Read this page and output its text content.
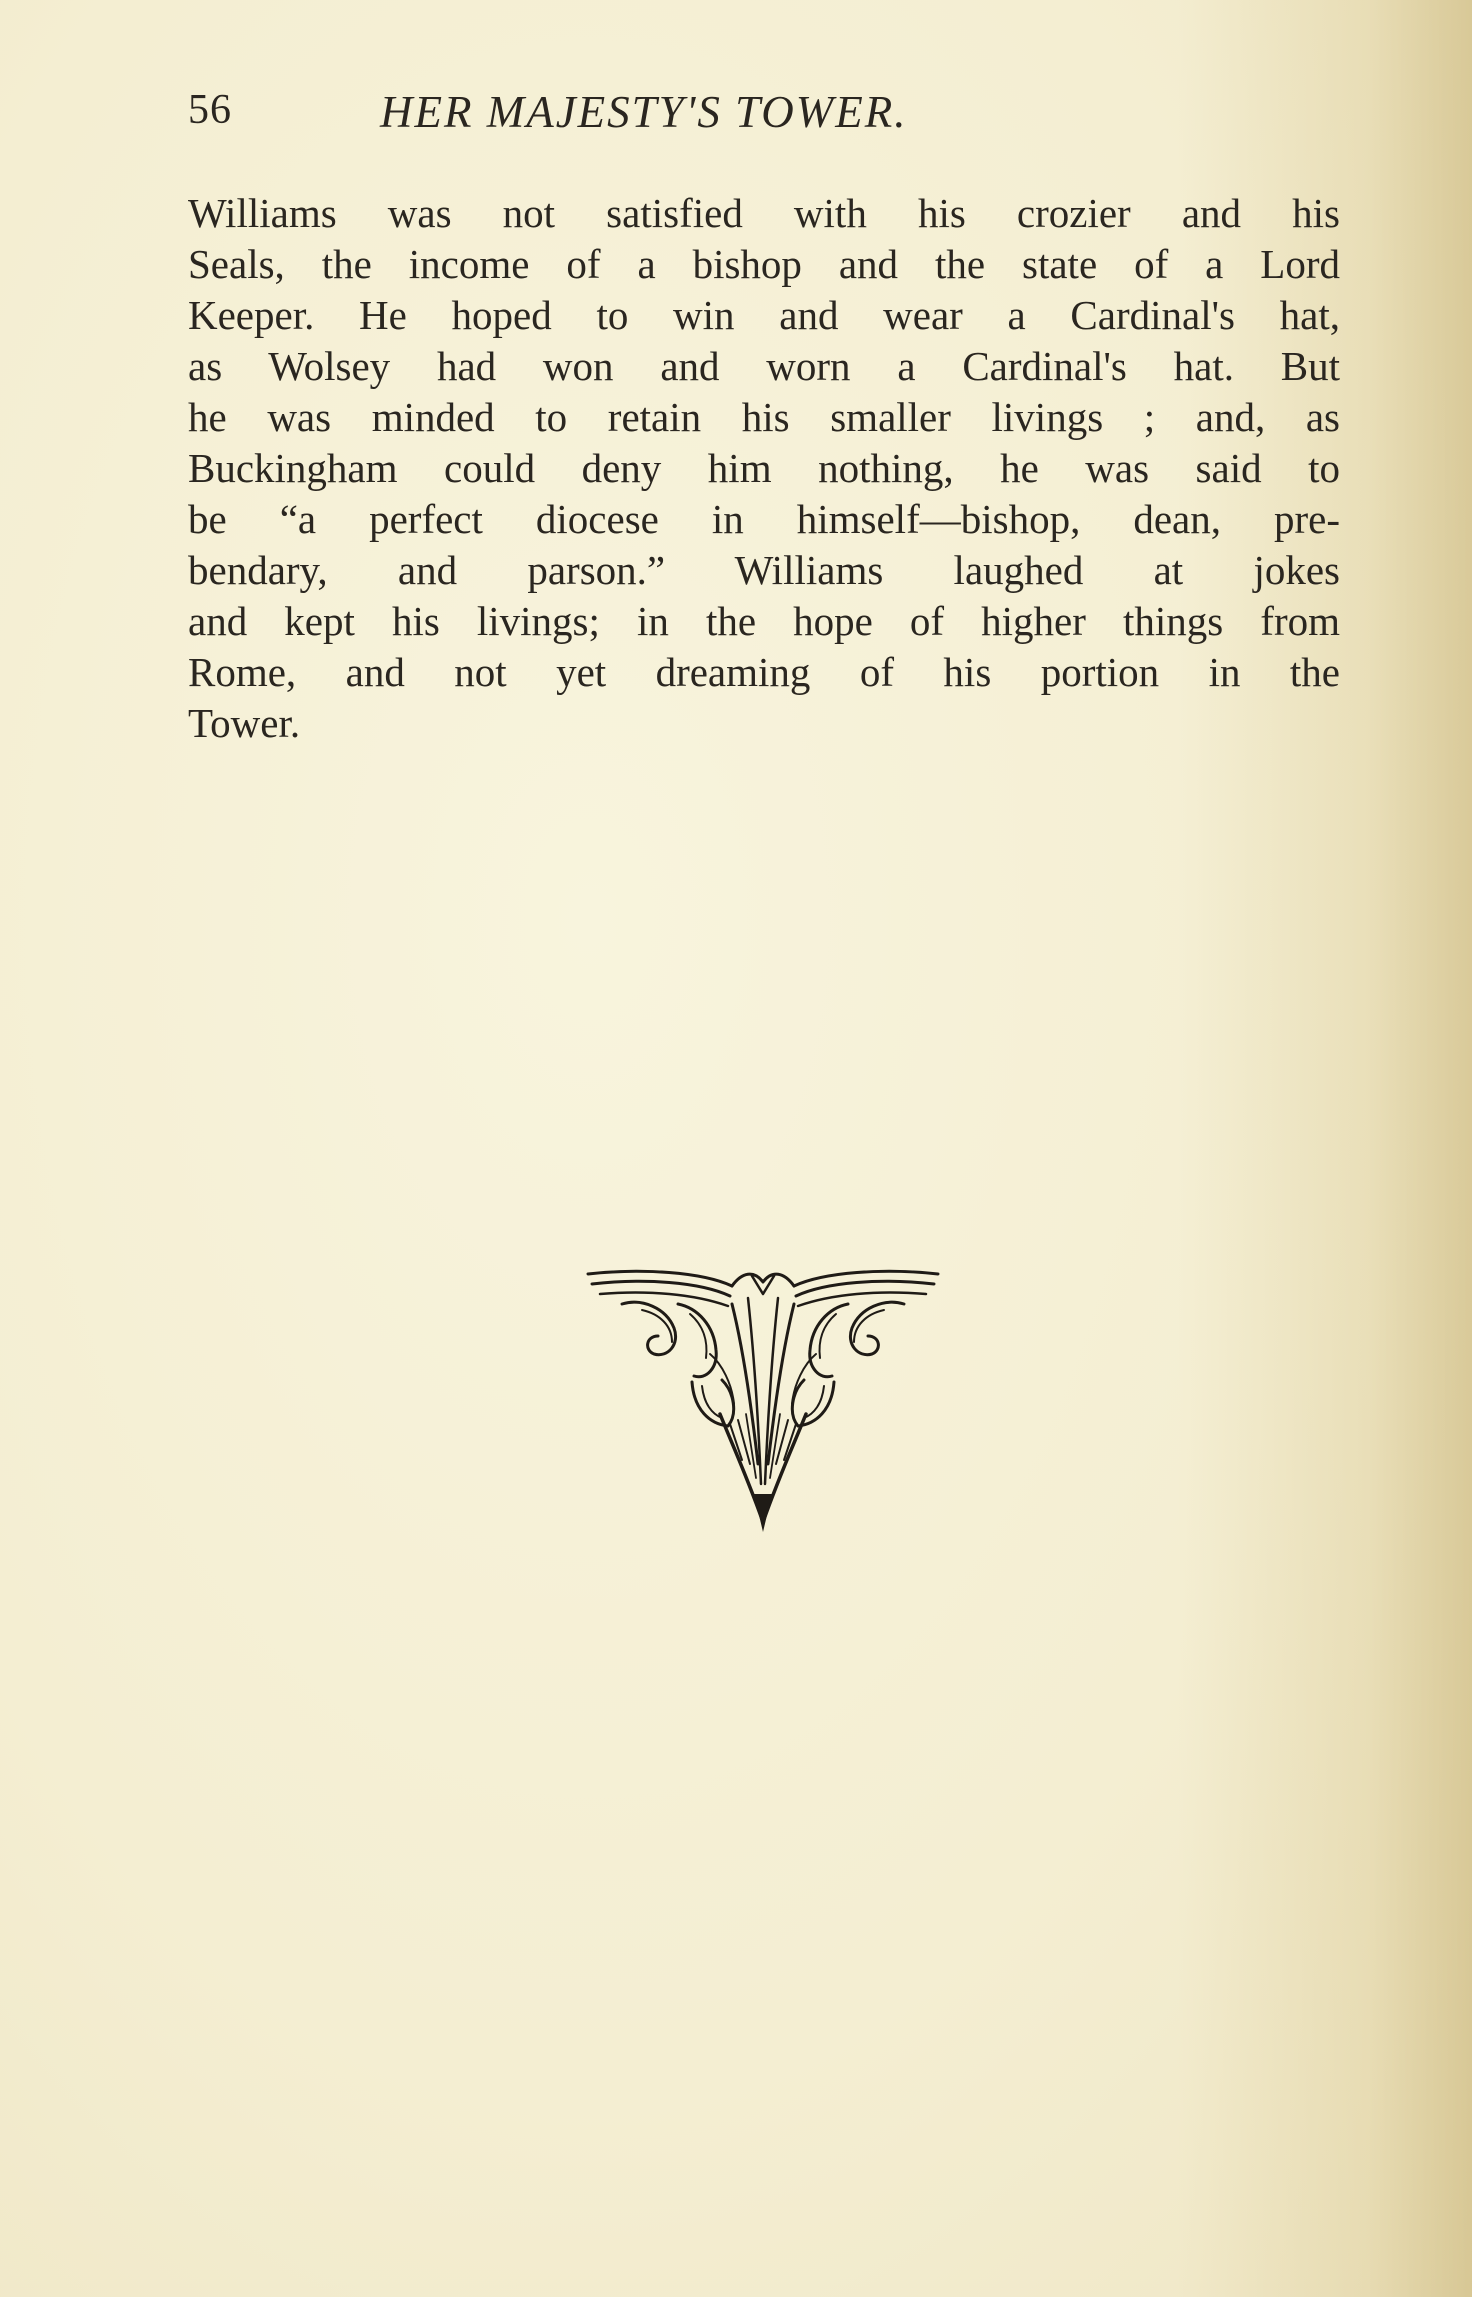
56	HER MAJESTY'S TOWER.
Williams was not satisfied with his crozier and his
Seals, the income of a bishop and the state of a Lord
Keeper. He hoped to win and wear a Cardinal's hat,
as Wolsey had won and worn a Cardinal's hat. But
he was minded to retain his smaller livings ; and, as
Buckingham could deny him nothing, he was said to
be “a perfect diocese in himself—bishop, dean, pre-
bendary, and parson.” Williams laughed at jokes
and kept his livings; in the hope of higher things from
Rome, and not yet dreaming of his portion in the
Tower.
